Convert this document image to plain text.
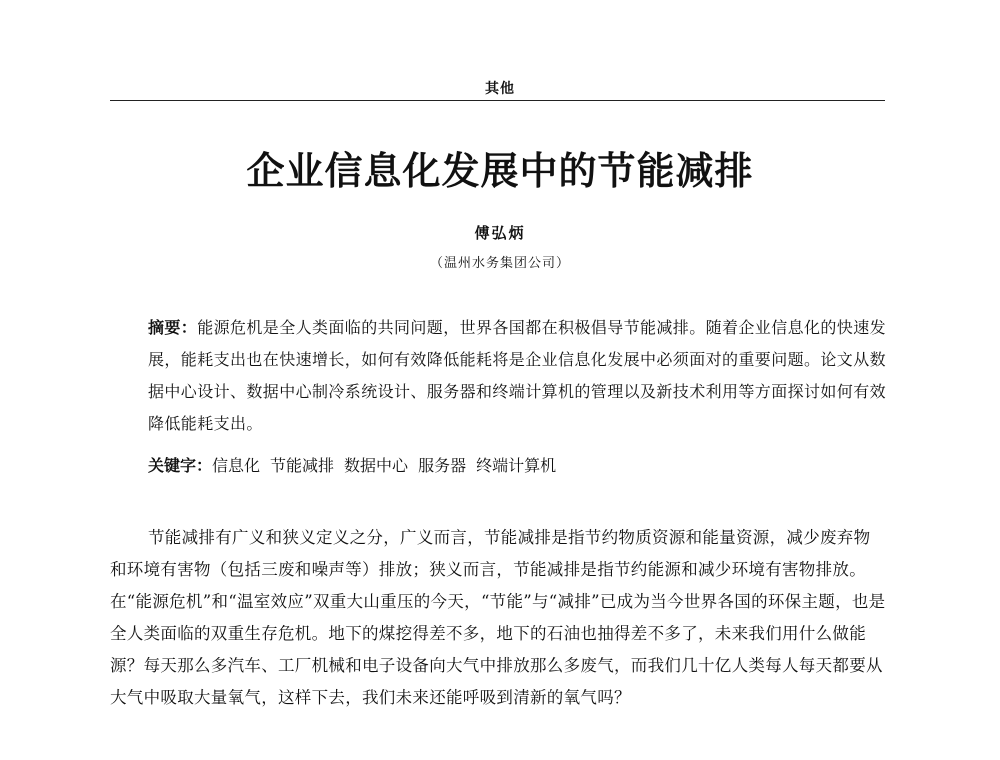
其他
企业信息化发展中的节能减排
傅弘炳
（温州水务集团公司）

摘要：能源危机是全人类面临的共同问题，世界各国都在积极倡导节能减排。随着企业信息化的快速发展，能耗支出也在快速增长，如何有效降低能耗将是企业信息化发展中必须面对的重要问题。论文从数据中心设计、数据中心制冷系统设计、服务器和终端计算机的管理以及新技术利用等方面探讨如何有效降低能耗支出。

关键字：信息化 节能减排 数据中心 服务器 终端计算机

节能减排有广义和狭义定义之分，广义而言，节能减排是指节约物质资源和能量资源，减少废弃物和环境有害物（包括三废和噪声等）排放；狭义而言，节能减排是指节约能源和减少环境有害物排放。在“能源危机”和“温室效应”双重大山重压的今天，“节能”与“减排”已成为当今世界各国的环保主题，也是全人类面临的双重生存危机。地下的煤挖得差不多，地下的石油也抽得差不多了，未来我们用什么做能源？每天那么多汽车、工厂机械和电子设备向大气中排放那么多废气，而我们几十亿人类每人每天都要从大气中吸取大量氧气，这样下去，我们未来还能呼吸到清新的氧气吗？
